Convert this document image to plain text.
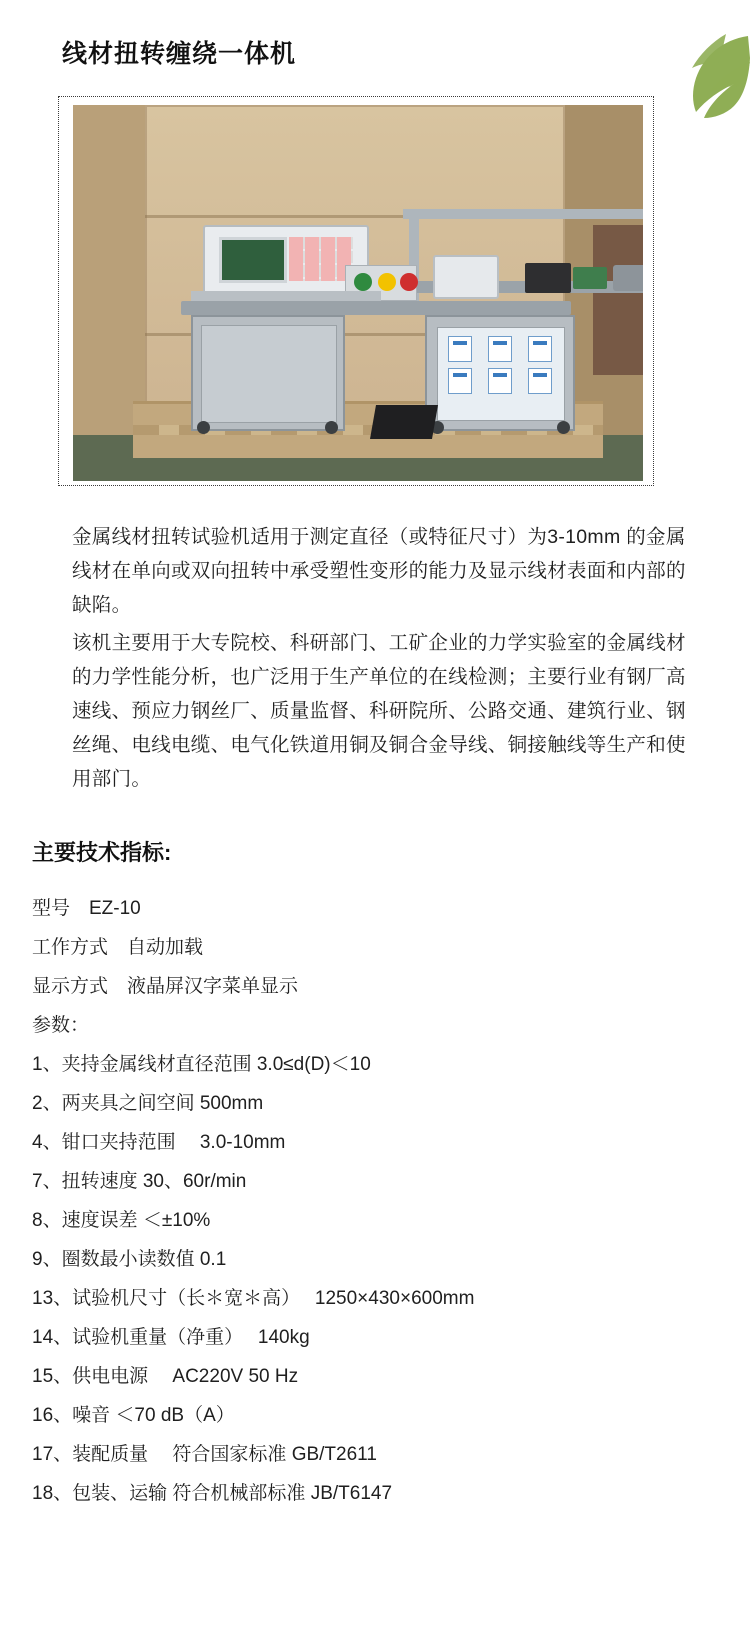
线材扭转缠绕一体机

金属线材扭转试验机适用于测定直径（或特征尺寸）为3-10mm 的金属线材在单向或双向扭转中承受塑性变形的能力及显示线材表面和内部的缺陷。

该机主要用于大专院校、科研部门、工矿企业的力学实验室的金属线材的力学性能分析，也广泛用于生产单位的在线检测；主要行业有钢厂高速线、预应力钢丝厂、质量监督、科研院所、公路交通、建筑行业、钢丝绳、电线电缆、电气化铁道用铜及铜合金导线、铜接触线等生产和使用部门。

主要技术指标:
型号　EZ-10
工作方式　自动加载
显示方式　液晶屏汉字菜单显示
参数：
1、夹持金属线材直径范围 3.0≤d(D)＜10
2、两夹具之间空间 500mm
4、钳口夹持范围　 3.0-10mm
7、扭转速度 30、60r/min
8、速度误差 ＜±10%
9、圈数最小读数值 0.1
13、试验机尺寸（长＊宽＊高）　 1250×430×600mm
14、试验机重量（净重）　 140kg
15、供电电源　 AC220V 50 Hz
16、噪音 ＜70 dB（A）
17、装配质量　 符合国家标准 GB/T2611
18、包装、运输 符合机械部标准 JB/T6147
